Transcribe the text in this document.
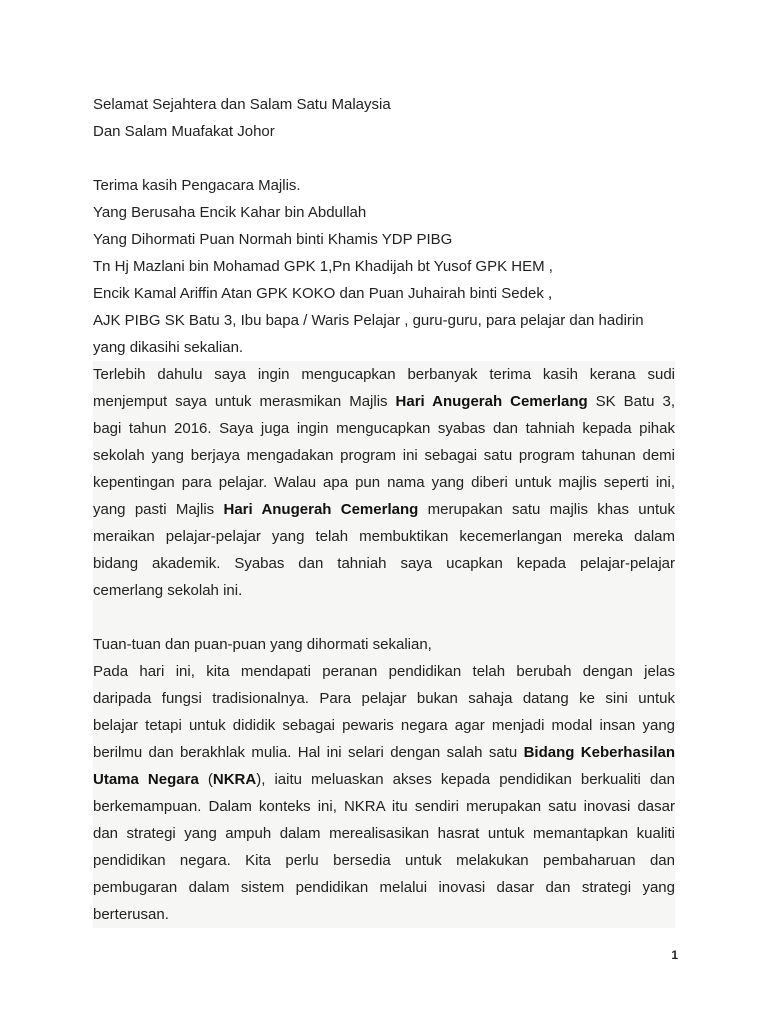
Selamat Sejahtera dan Salam Satu Malaysia
Dan Salam Muafakat Johor
Terima kasih Pengacara Majlis.
Yang Berusaha Encik Kahar bin Abdullah
Yang Dihormati Puan Normah binti Khamis YDP PIBG
Tn Hj Mazlani bin Mohamad GPK 1,Pn Khadijah bt Yusof GPK HEM ,
Encik Kamal Ariffin Atan GPK KOKO dan Puan Juhairah binti Sedek ,
AJK PIBG SK Batu 3, Ibu bapa / Waris Pelajar , guru-guru, para pelajar dan hadirin
yang dikasihi sekalian.
Terlebih dahulu saya ingin mengucapkan berbanyak terima kasih kerana sudi
menjemput saya untuk merasmikan Majlis Hari Anugerah Cemerlang SK Batu 3,
bagi tahun 2016. Saya juga ingin mengucapkan syabas dan tahniah kepada pihak
sekolah yang berjaya mengadakan program ini sebagai satu program tahunan demi
kepentingan para pelajar. Walau apa pun nama yang diberi untuk majlis seperti ini,
yang pasti Majlis Hari Anugerah Cemerlang merupakan satu majlis khas untuk
meraikan pelajar-pelajar yang telah membuktikan kecemerlangan mereka dalam
bidang akademik. Syabas dan tahniah saya ucapkan kepada pelajar-pelajar
cemerlang sekolah ini.
Tuan-tuan dan puan-puan yang dihormati sekalian,
Pada hari ini, kita mendapati peranan pendidikan telah berubah dengan jelas
daripada fungsi tradisionalnya. Para pelajar bukan sahaja datang ke sini untuk
belajar tetapi untuk dididik sebagai pewaris negara agar menjadi modal insan yang
berilmu dan berakhlak mulia. Hal ini selari dengan salah satu Bidang Keberhasilan
Utama Negara (NKRA), iaitu meluaskan akses kepada pendidikan berkualiti dan
berkemampuan. Dalam konteks ini, NKRA itu sendiri merupakan satu inovasi dasar
dan strategi yang ampuh dalam merealisasikan hasrat untuk memantapkan kualiti
pendidikan negara. Kita perlu bersedia untuk melakukan pembaharuan dan
pembugaran dalam sistem pendidikan melalui inovasi dasar dan strategi yang
berterusan.
1
